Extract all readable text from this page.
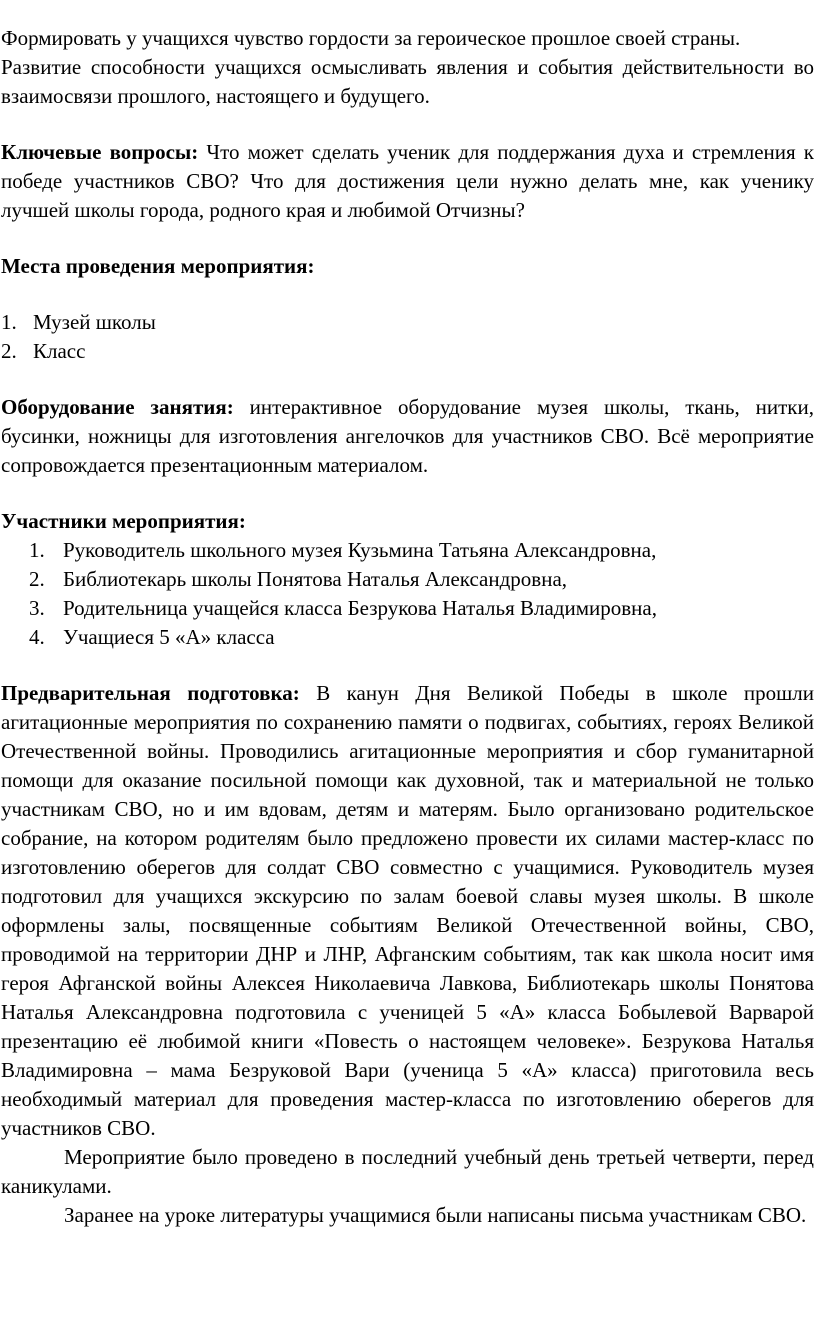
Формировать у учащихся чувство гордости за героическое прошлое своей страны.

Развитие способности учащихся осмысливать явления и события действительности во взаимосвязи прошлого, настоящего и будущего.

Ключевые вопросы: Что может сделать ученик для поддержания духа и стремления к победе участников СВО? Что для достижения цели нужно делать мне, как ученику лучшей школы города, родного края и любимой Отчизны?

Места проведения мероприятия:

1. Музей школы
2. Класс

Оборудование занятия: интерактивное оборудование музея школы, ткань, нитки, бусинки, ножницы для изготовления ангелочков для участников СВО. Всё мероприятие сопровождается презентационным материалом.

Участники мероприятия:

1. Руководитель школьного музея Кузьмина Татьяна Александровна,
2. Библиотекарь школы Понятова Наталья Александровна,
3. Родительница учащейся класса Безрукова Наталья Владимировна,
4. Учащиеся 5 «А» класса

Предварительная подготовка: В канун Дня Великой Победы в школе прошли агитационные мероприятия по сохранению памяти о подвигах, событиях, героях Великой Отечественной войны. Проводились агитационные мероприятия и сбор гуманитарной помощи для оказание посильной помощи как духовной, так и материальной не только участникам СВО, но и им вдовам, детям и матерям. Было организовано родительское собрание, на котором родителям было предложено провести их силами мастер-класс по изготовлению оберегов для солдат СВО совместно с учащимися. Руководитель музея подготовил для учащихся экскурсию по залам боевой славы музея школы. В школе оформлены залы, посвященные событиям Великой Отечественной войны, СВО, проводимой на территории ДНР и ЛНР, Афганским событиям, так как школа носит имя героя Афганской войны Алексея Николаевича Лавкова, Библиотекарь школы Понятова Наталья Александровна подготовила с ученицей 5 «А» класса Бобылевой Варварой презентацию её любимой книги «Повесть о настоящем человеке». Безрукова Наталья Владимировна – мама Безруковой Вари (ученица 5 «А» класса) приготовила весь необходимый материал для проведения мастер-класса по изготовлению оберегов для участников СВО.

Мероприятие было проведено в последний учебный день третьей четверти, перед каникулами.

Заранее на уроке литературы учащимися были написаны письма участникам СВО.
